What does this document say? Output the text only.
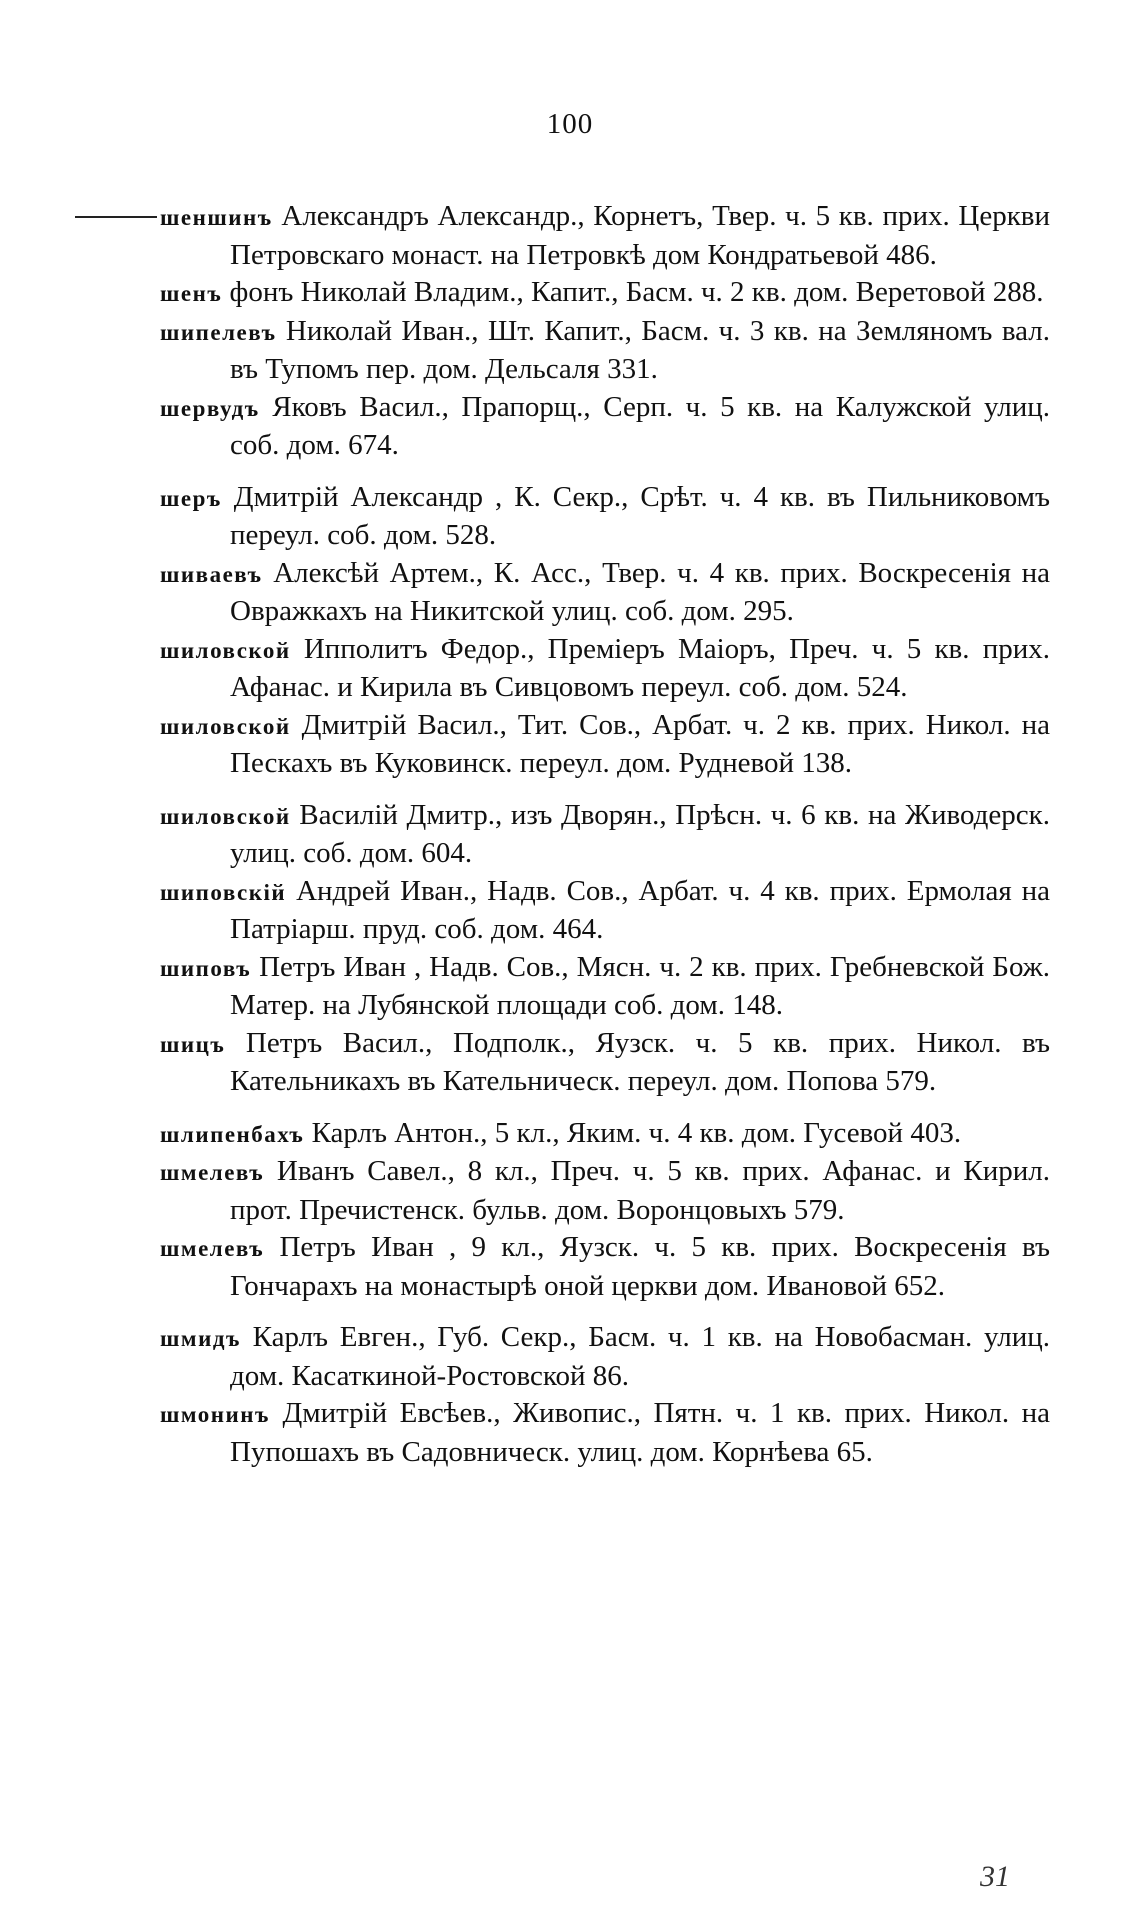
100
шеншинъ Александръ Александр., Корнетъ, Твер. ч. 5 кв. прих. Церкви Петровскаго монаст. на Петровкѣ дом Кондратьевой 486.
шенъ фонъ Николай Владим., Капит., Басм. ч. 2 кв. дом. Веретовой 288.
шипелевъ Николай Иван., Шт. Капит., Басм. ч. 3 кв. на Земляномъ вал. въ Тупомъ пер. дом. Дельсаля 331.
шервудъ Яковъ Васил., Прапорщ., Серп. ч. 5 кв. на Калужской улиц. соб. дом. 674.
шеръ Дмитрій Александр , К. Секр., Срѣт. ч. 4 кв. въ Пильниковомъ переул. соб. дом. 528.
шиваевъ Алексѣй Артем., К. Асс., Твер. ч. 4 кв. прих. Воскресенія на Овражкахъ на Никитской улиц. соб. дом. 295.
шиловской Ипполитъ Федор., Премiеръ Маiоръ, Преч. ч. 5 кв. прих. Афанас. и Кирила въ Сивцовомъ переул. соб. дом. 524.
шиловской Дмитрій Васил., Тит. Сов., Арбат. ч. 2 кв. прих. Никол. на Пескахъ въ Куковинск. переул. дом. Рудневой 138.
шиловской Василій Дмитр., изъ Дворян., Прѣсн. ч. 6 кв. на Живодерск. улиц. соб. дом. 604.
шиповскій Андрей Иван., Надв. Сов., Арбат. ч. 4 кв. прих. Ермолая на Патрiарш. пруд. соб. дом. 464.
шиповъ Петръ Иван , Надв. Сов., Мясн. ч. 2 кв. прих. Гребневской Бож. Матер. на Лубянской площади соб. дом. 148.
шицъ Петръ Васил., Подполк., Яузск. ч. 5 кв. прих. Никол. въ Кательникахъ въ Кательническ. переул. дом. Попова 579.
шлипенбахъ Карлъ Антон., 5 кл., Яким. ч. 4 кв. дом. Гусевой 403.
шмелевъ Иванъ Савел., 8 кл., Преч. ч. 5 кв. прих. Афанас. и Кирил. прот. Пречистенск. бульв. дом. Воронцовыхъ 579.
шмелевъ Петръ Иван , 9 кл., Яузск. ч. 5 кв. прих. Воскресенія въ Гончарахъ на монастырѣ оной церкви дом. Ивановой 652.
шмидъ Карлъ Евген., Губ. Секр., Басм. ч. 1 кв. на Новобасман. улиц. дом. Касаткиной-Ростовской 86.
шмонинъ Дмитрій Евсѣев., Живопис., Пятн. ч. 1 кв. прих. Никол. на Пупошахъ въ Садовническ. улиц. дом. Корнѣева 65.
31
